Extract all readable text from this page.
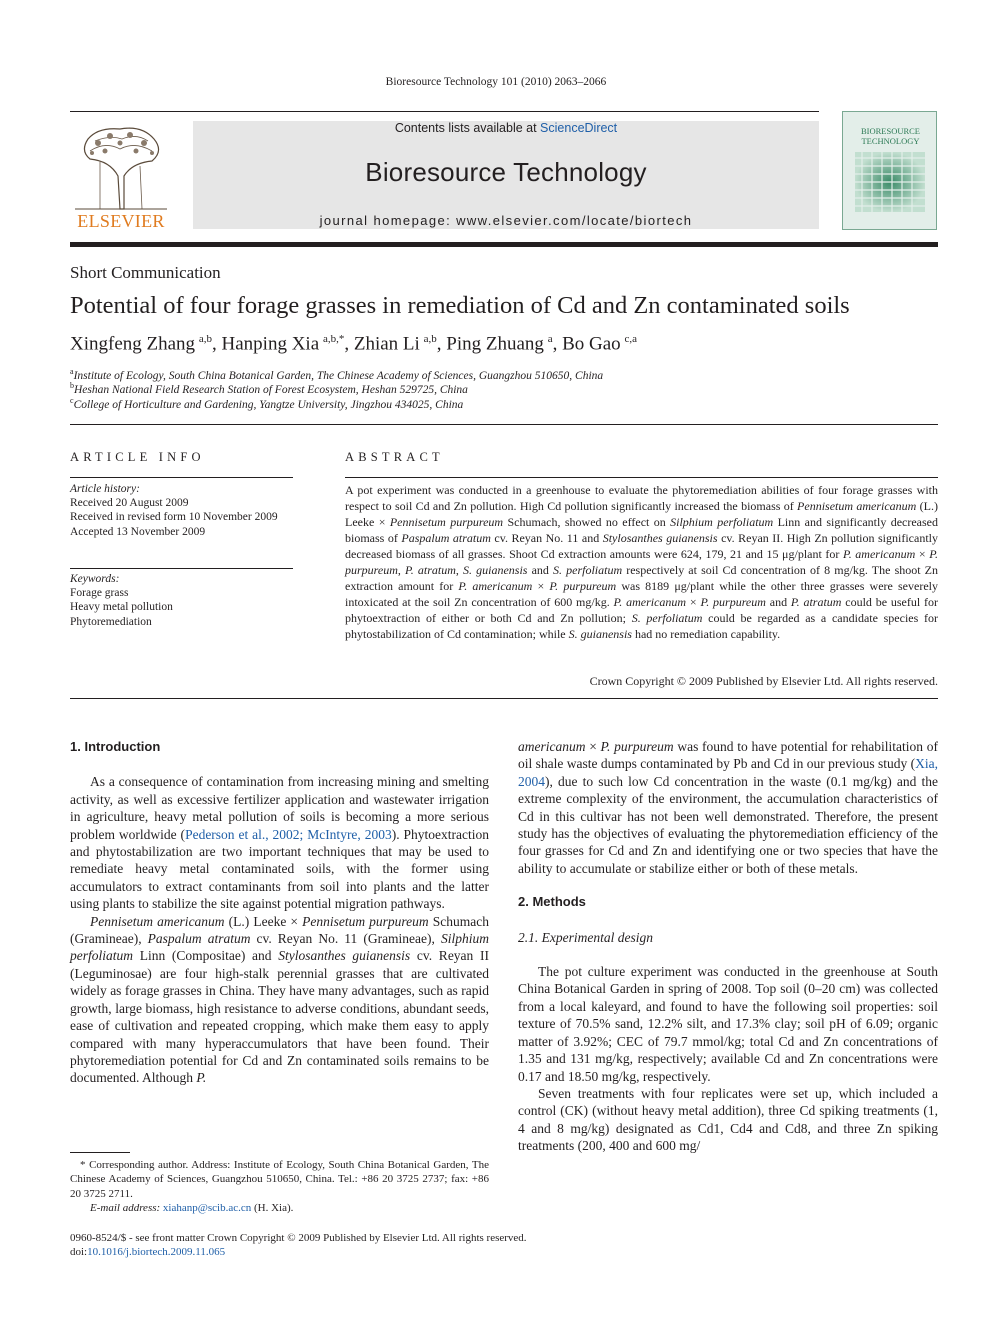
Bioresource Technology 101 (2010) 2063–2066
ELSEVIER
Contents lists available at ScienceDirect
Bioresource Technology
journal homepage: www.elsevier.com/locate/biortech
BIORESOURCE
TECHNOLOGY
Short Communication
Potential of four forage grasses in remediation of Cd and Zn contaminated soils
Xingfeng Zhang  $^{a,b}$, Hanping Xia  $^{a,b,*}$, Zhian Li  $^{a,b}$, Ping Zhuang  $^a$, Bo Gao  $^{c,a}$
$^a$Institute of Ecology, South China Botanical Garden, The Chinese Academy of Sciences, Guangzhou 510650, China
$^b$Heshan National Field Research Station of Forest Ecosystem, Heshan 529725, China
$^c$College of Horticulture and Gardening, Yangtze University, Jingzhou 434025, China
ARTICLE INFO
Article history:
Received 20 August 2009
Received in revised form 10 November 2009
Accepted 13 November 2009
Keywords:
Forage grass
Heavy metal pollution
Phytoremediation
ABSTRACT
A pot experiment was conducted in a greenhouse to evaluate the phytoremediation abilities of four forage grasses with respect to soil Cd and Zn pollution. High Cd pollution significantly increased the biomass of Pennisetum americanum (L.) Leeke × Pennisetum purpureum Schumach, showed no effect on Silphium perfoliatum Linn and significantly decreased biomass of Paspalum atratum cv. Reyan No. 11 and Stylosanthes guianensis cv. Reyan II. High Zn pollution significantly decreased biomass of all grasses. Shoot Cd extraction amounts were 624, 179, 21 and 15 μg/plant for P. americanum × P. purpureum, P. atratum, S. guianensis and S. perfoliatum respectively at soil Cd concentration of 8 mg/kg. The shoot Zn extraction amount for P. americanum × P. purpureum was 8189 μg/plant while the other three grasses were severely intoxicated at the soil Zn concentration of 600 mg/kg. P. americanum × P. purpureum and P. atratum could be useful for phytoextraction of either or both Cd and Zn pollution; S. perfoliatum could be regarded as a candidate species for phytostabilization of Cd contamination; while S. guianensis had no remediation capability.
Crown Copyright © 2009 Published by Elsevier Ltd. All rights reserved.
1. Introduction

As a consequence of contamination from increasing mining and smelting activity, as well as excessive fertilizer application and wastewater irrigation in agriculture, heavy metal pollution of soils is becoming a more serious problem worldwide (Pederson et al., 2002; McIntyre, 2003). Phytoextraction and phytostabilization are two important techniques that may be used to remediate heavy metal contaminated soils, with the former using accumulators to extract contaminants from soil into plants and the latter using plants to stabilize the site against potential migration pathways.

Pennisetum americanum (L.) Leeke × Pennisetum purpureum Schumach (Gramineae), Paspalum atratum cv. Reyan No. 11 (Gramineae), Silphium perfoliatum Linn (Compositae) and Stylosanthes guianensis cv. Reyan II (Leguminosae) are four high-stalk perennial grasses that are cultivated widely as forage grasses in China. They have many advantages, such as rapid growth, large biomass, high resistance to adverse conditions, abundant seeds, ease of cultivation and repeated cropping, which make them easy to apply compared with many hyperaccumulators that have been found. Their phytoremediation potential for Cd and Zn contaminated soils remains to be documented. Although P.

americanum × P. purpureum was found to have potential for rehabilitation of oil shale waste dumps contaminated by Pb and Cd in our previous study (Xia, 2004), due to such low Cd concentration in the waste (0.1 mg/kg) and the extreme complexity of the environment, the accumulation characteristics of Cd in this cultivar has not been well demonstrated. Therefore, the present study has the objectives of evaluating the phytoremediation efficiency of the four grasses for Cd and Zn and identifying one or two species that have the ability to accumulate or stabilize either or both of these metals.

2. Methods
2.1. Experimental design

The pot culture experiment was conducted in the greenhouse at South China Botanical Garden in spring of 2008. Top soil (0–20 cm) was collected from a local kaleyard, and found to have the following soil properties: soil texture of 70.5% sand, 12.2% silt, and 17.3% clay; soil pH of 6.09; organic matter of 3.92%; CEC of 79.7 mmol/kg; total Cd and Zn concentrations of 1.35 and 131 mg/kg, respectively; available Cd and Zn concentrations were 0.17 and 18.50 mg/kg, respectively.

Seven treatments with four replicates were set up, which included a control (CK) (without heavy metal addition), three Cd spiking treatments (1, 4 and 8 mg/kg) designated as Cd1, Cd4 and Cd8, and three Zn spiking treatments (200, 400 and 600 mg/

* Corresponding author. Address: Institute of Ecology, South China Botanical Garden, The Chinese Academy of Sciences, Guangzhou 510650, China. Tel.: +86 20 3725 2737; fax: +86 20 3725 2711.
E-mail address: xiahanp@scib.ac.cn (H. Xia).
0960-8524/$ - see front matter Crown Copyright © 2009 Published by Elsevier Ltd. All rights reserved.
doi:10.1016/j.biortech.2009.11.065
